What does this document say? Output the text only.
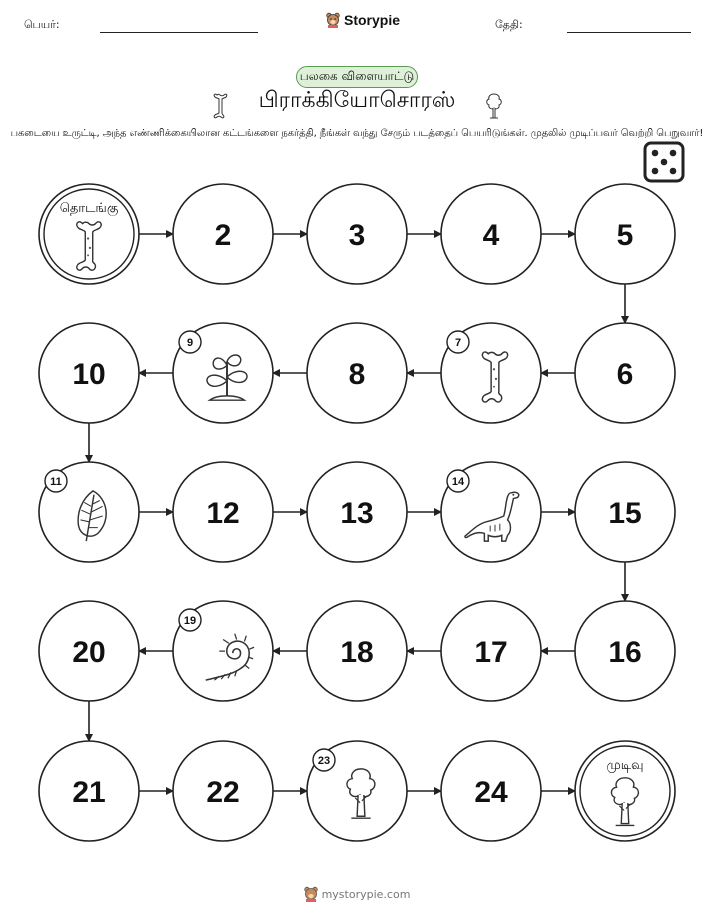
பெயர்:	Storypie	தேதி:
பலகை விளையாட்டு
பிராக்கியோசொரஸ்
பகடையை உருட்டி, அந்த எண்ணிக்கையிலான கட்டங்களை நகர்த்தி, நீங்கள் வந்து சேரும் படத்தைப் பெயரிடுங்கள். முதலில் முடிப்பவர் வெற்றி பெறுவார்!
தொடங்கு
2	3	4	5
10
9
8
7
6
11
12	13
14
15
20
19
18	17	16
21	22
23
24
முடிவு
mystorypie.com
